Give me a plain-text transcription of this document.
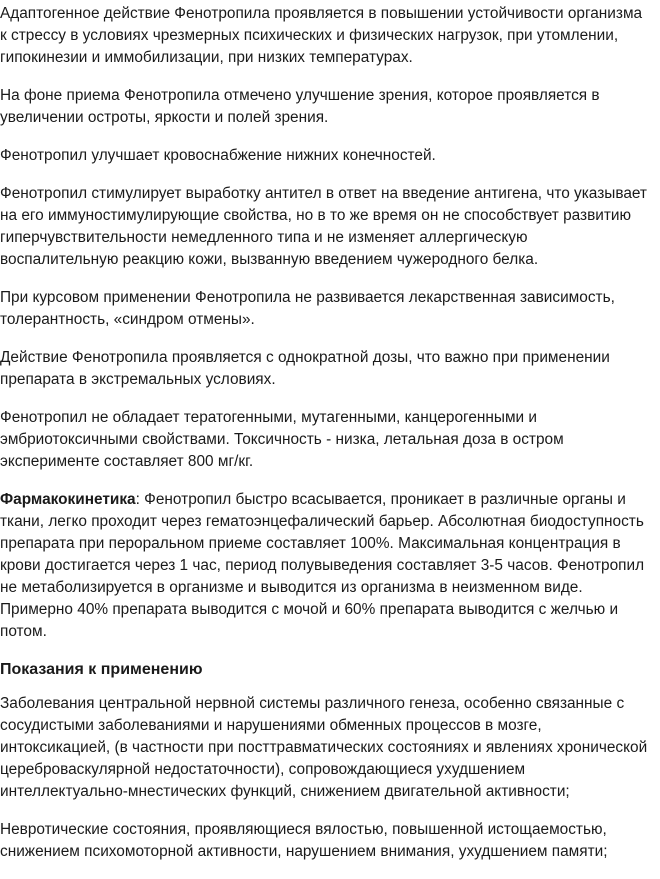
Адаптогенное действие Фенотропила проявляется в повышении устойчивости организма к стрессу в условиях чрезмерных психических и физических нагрузок, при утомлении, гипокинезии и иммобилизации, при низких температурах.

На фоне приема Фенотропила отмечено улучшение зрения, которое проявляется в увеличении остроты, яркости и полей зрения.

Фенотропил улучшает кровоснабжение нижних конечностей.

Фенотропил стимулирует выработку антител в ответ на введение антигена, что указывает на его иммуностимулирующие свойства, но в то же время он не способствует развитию гиперчувствительности немедленного типа и не изменяет аллергическую воспалительную реакцию кожи, вызванную введением чужеродного белка.

При курсовом применении Фенотропила не развивается лекарственная зависимость, толерантность, «синдром отмены».

Действие Фенотропила проявляется с однократной дозы, что важно при применении препарата в экстремальных условиях.

Фенотропил не обладает тератогенными, мутагенными, канцерогенными и эмбриотоксичными свойствами. Токсичность - низка, летальная доза в остром эксперименте составляет 800 мг/кг.

Фармакокинетика: Фенотропил быстро всасывается, проникает в различные органы и ткани, легко проходит через гематоэнцефалический барьер. Абсолютная биодоступность препарата при пероральном приеме составляет 100%. Максимальная концентрация в крови достигается через 1 час, период полувыведения составляет 3-5 часов. Фенотропил не метаболизируется в организме и выводится из организма в неизменном виде. Примерно 40% препарата выводится с мочой и 60% препарата выводится с желчью и потом.

Показания к применению

Заболевания центральной нервной системы различного генеза, особенно связанные с сосудистыми заболеваниями и нарушениями обменных процессов в мозге, интоксикацией, (в частности при посттравматических состояниях и явлениях хронической цереброваскулярной недостаточности), сопровождающиеся ухудшением интеллектуально-мнестических функций, снижением двигательной активности;

Невротические состояния, проявляющиеся вялостью, повышенной истощаемостью, снижением психомоторной активности, нарушением внимания, ухудшением памяти;
